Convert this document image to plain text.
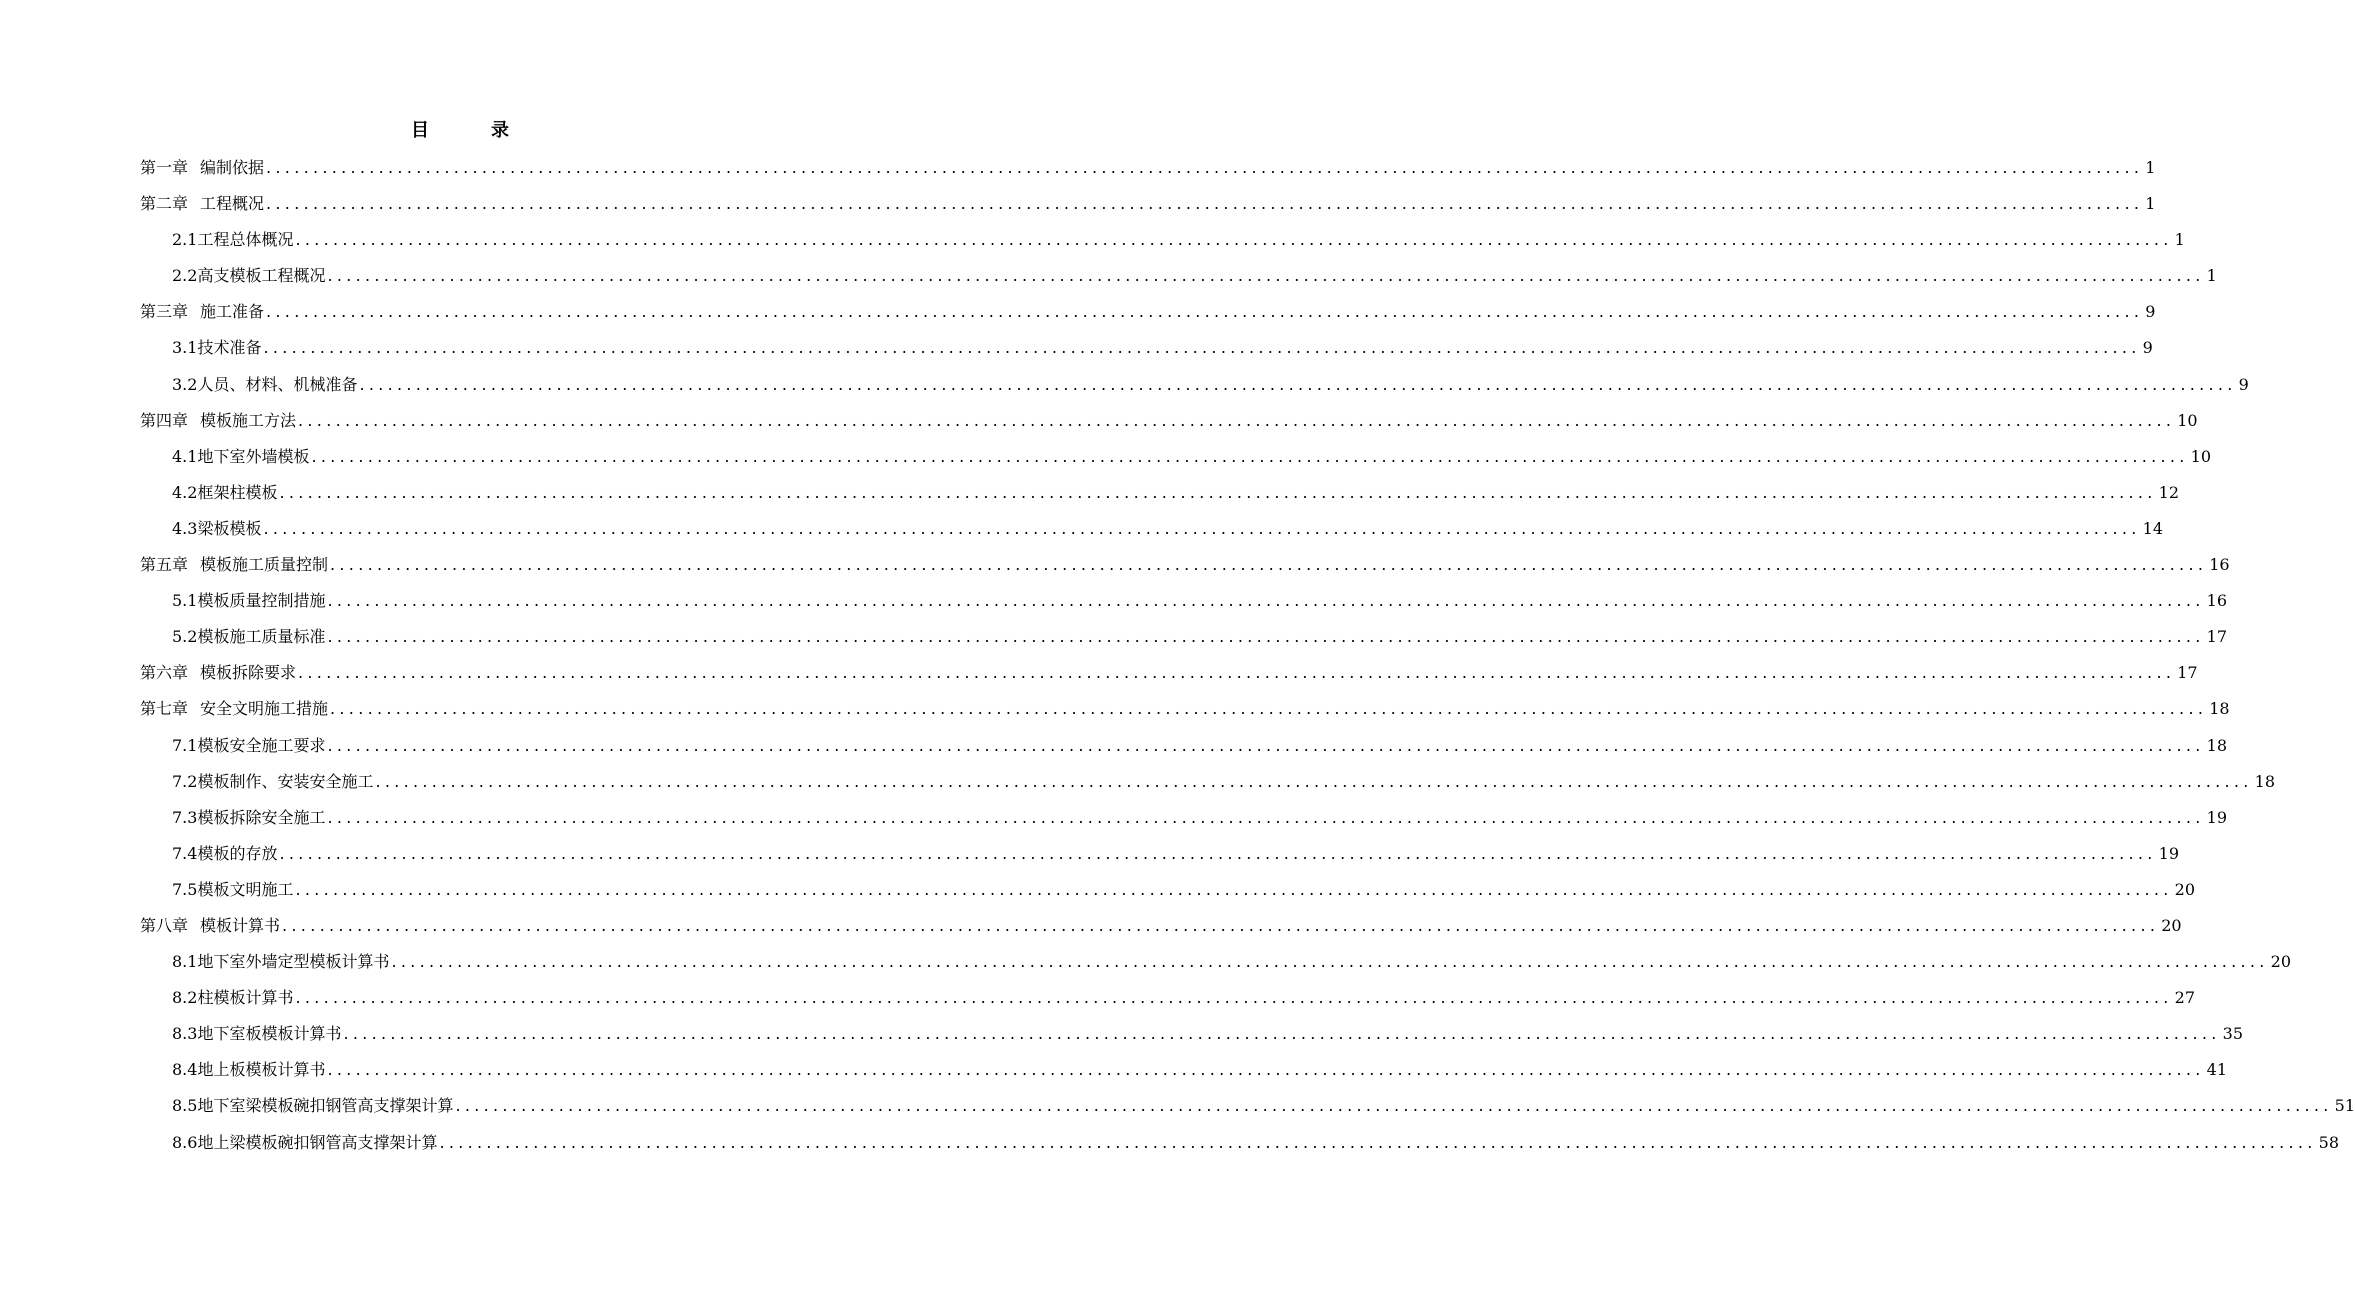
目　录
第一章 编制依据 ........................................................................................................................................................................................................ 1
第二章 工程概况 ........................................................................................................................................................................................................ 1
2.1工程总体概况 ........................................................................................................................................................................................................ 1
2.2高支模板工程概况 ........................................................................................................................................................................................................ 1
第三章 施工准备 ........................................................................................................................................................................................................ 9
3.1技术准备 ........................................................................................................................................................................................................ 9
3.2人员、材料、机械准备 ........................................................................................................................................................................................................ 9
第四章 模板施工方法 ........................................................................................................................................................................................................ 10
4.1地下室外墙模板 ........................................................................................................................................................................................................ 10
4.2框架柱模板 ........................................................................................................................................................................................................ 12
4.3梁板模板 ........................................................................................................................................................................................................ 14
第五章 模板施工质量控制 ........................................................................................................................................................................................................ 16
5.1模板质量控制措施 ........................................................................................................................................................................................................ 16
5.2模板施工质量标准 ........................................................................................................................................................................................................ 17
第六章 模板拆除要求 ........................................................................................................................................................................................................ 17
第七章 安全文明施工措施 ........................................................................................................................................................................................................ 18
7.1模板安全施工要求 ........................................................................................................................................................................................................ 18
7.2模板制作、安装安全施工 ........................................................................................................................................................................................................ 18
7.3模板拆除安全施工 ........................................................................................................................................................................................................ 19
7.4模板的存放 ........................................................................................................................................................................................................ 19
7.5模板文明施工 ........................................................................................................................................................................................................ 20
第八章 模板计算书 ........................................................................................................................................................................................................ 20
8.1地下室外墙定型模板计算书 ........................................................................................................................................................................................................ 20
8.2柱模板计算书 ........................................................................................................................................................................................................ 27
8.3地下室板模板计算书 ........................................................................................................................................................................................................ 35
8.4地上板模板计算书 ........................................................................................................................................................................................................ 41
8.5地下室梁模板碗扣钢管高支撑架计算 ........................................................................................................................................................................................................ 51
8.6地上梁模板碗扣钢管高支撑架计算 ........................................................................................................................................................................................................ 58
